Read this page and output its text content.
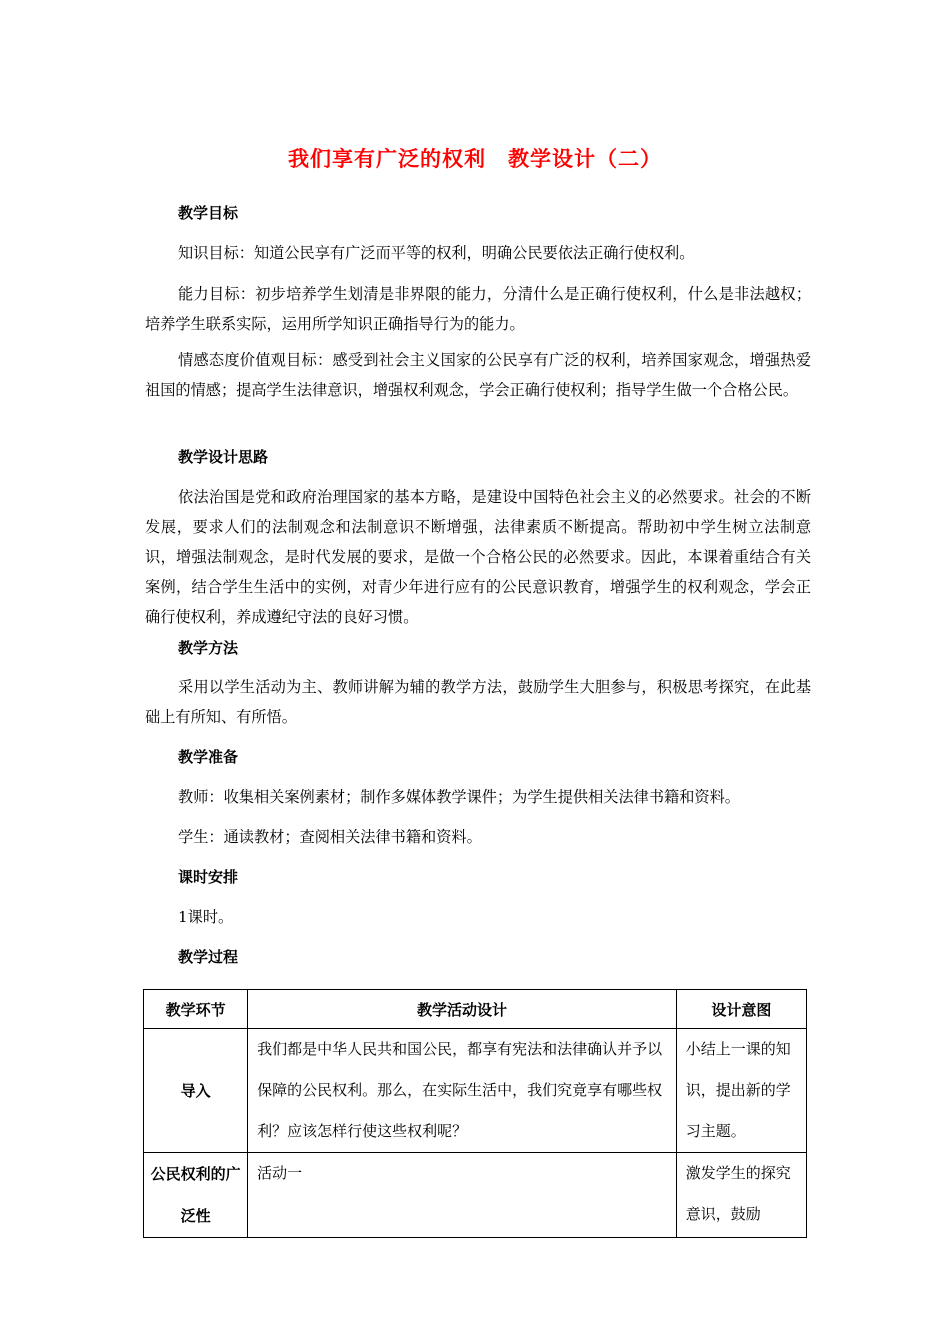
我们享有广泛的权利　教学设计（二）
教学目标
知识目标：知道公民享有广泛而平等的权利，明确公民要依法正确行使权利。
能力目标：初步培养学生划清是非界限的能力，分清什么是正确行使权利，什么是非法越权；培养学生联系实际，运用所学知识正确指导行为的能力。
情感态度价值观目标：感受到社会主义国家的公民享有广泛的权利，培养国家观念，增强热爱祖国的情感；提高学生法律意识，增强权利观念，学会正确行使权利；指导学生做一个合格公民。
教学设计思路
依法治国是党和政府治理国家的基本方略，是建设中国特色社会主义的必然要求。社会的不断发展，要求人们的法制观念和法制意识不断增强，法律素质不断提高。帮助初中学生树立法制意识，增强法制观念，是时代发展的要求，是做一个合格公民的必然要求。因此，本课着重结合有关案例，结合学生生活中的实例，对青少年进行应有的公民意识教育，增强学生的权利观念，学会正确行使权利，养成遵纪守法的良好习惯。
教学方法
采用以学生活动为主、教师讲解为辅的教学方法，鼓励学生大胆参与，积极思考探究，在此基础上有所知、有所悟。
教学准备
教师：收集相关案例素材；制作多媒体教学课件；为学生提供相关法律书籍和资料。
学生：通读教材；查阅相关法律书籍和资料。
课时安排
1课时。
教学过程
教学环节	教学活动设计	设计意图
导入	我们都是中华人民共和国公民，都享有宪法和法律确认并予以保障的公民权利。那么，在实际生活中，我们究竟享有哪些权利？应该怎样行使这些权利呢？	小结上一课的知识，提出新的学习主题。
公民权利的广泛性	活动一	激发学生的探究意识，鼓励
